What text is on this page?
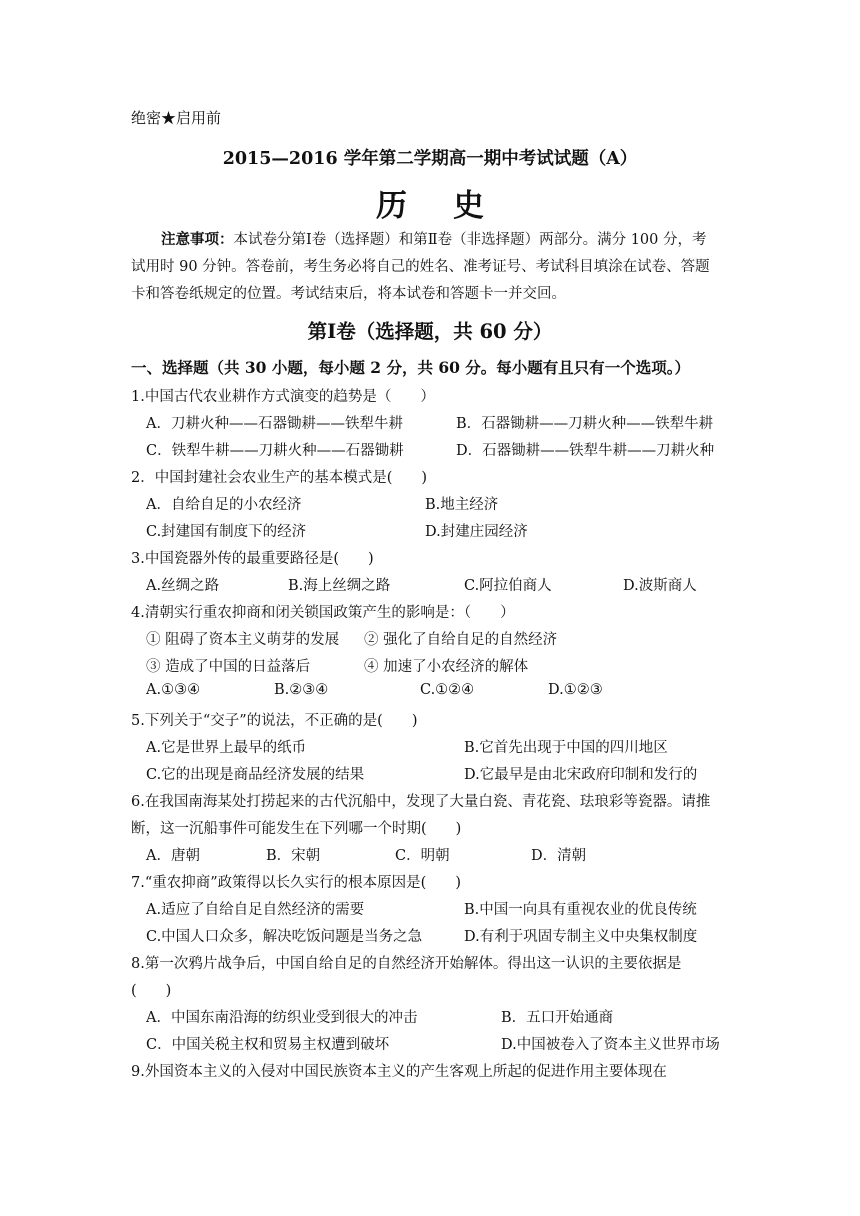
绝密★启用前
2015—2016 学年第二学期高一期中考试试题（A）
历史
注意事项：本试卷分第Ⅰ卷（选择题）和第Ⅱ卷（非选择题）两部分。满分 100 分，考
试用时 90 分钟。答卷前，考生务必将自己的姓名、准考证号、考试科目填涂在试卷、答题
卡和答卷纸规定的位置。考试结束后，将本试卷和答题卡一并交回。
第Ⅰ卷（选择题，共 60 分）
一、选择题（共 30 小题，每小题 2 分，共 60 分。每小题有且只有一个选项。）
1.中国古代农业耕作方式演变的趋势是（　　）
A．刀耕火种——石器锄耕——铁犁牛耕	B．石器锄耕——刀耕火种——铁犁牛耕
C．铁犁牛耕——刀耕火种——石器锄耕	D．石器锄耕——铁犁牛耕——刀耕火种
2．中国封建社会农业生产的基本模式是(　　)
A．自给自足的小农经济	B.地主经济
C.封建国有制度下的经济	D.封建庄园经济
3.中国瓷器外传的最重要路径是(　　)
A.丝绸之路	B.海上丝绸之路	C.阿拉伯商人	D.波斯商人
4.清朝实行重农抑商和闭关锁国政策产生的影响是：（　　）
① 阻碍了资本主义萌芽的发展 ② 强化了自给自足的自然经济
③ 造成了中国的日益落后	④ 加速了小农经济的解体
A.①③④	B.②③④	C.①②④	D.①②③
5.下列关于“交子”的说法，不正确的是(　　)
A.它是世界上最早的纸币	B.它首先出现于中国的四川地区
C.它的出现是商品经济发展的结果	D.它最早是由北宋政府印制和发行的
6.在我国南海某处打捞起来的古代沉船中，发现了大量白瓷、青花瓷、珐琅彩等瓷器。请推
断，这一沉船事件可能发生在下列哪一个时期(　　)
A．唐朝	B．宋朝	C．明朝	D．清朝
7.“重农抑商”政策得以长久实行的根本原因是(　　)
A.适应了自给自足自然经济的需要	B.中国一向具有重视农业的优良传统
C.中国人口众多，解决吃饭问题是当务之急	D.有利于巩固专制主义中央集权制度
8.第一次鸦片战争后，中国自给自足的自然经济开始解体。得出这一认识的主要依据是
(　　)
A．中国东南沿海的纺织业受到很大的冲击	B．五口开始通商
C．中国关税主权和贸易主权遭到破坏	D.中国被卷入了资本主义世界市场
9.外国资本主义的入侵对中国民族资本主义的产生客观上所起的促进作用主要体现在
